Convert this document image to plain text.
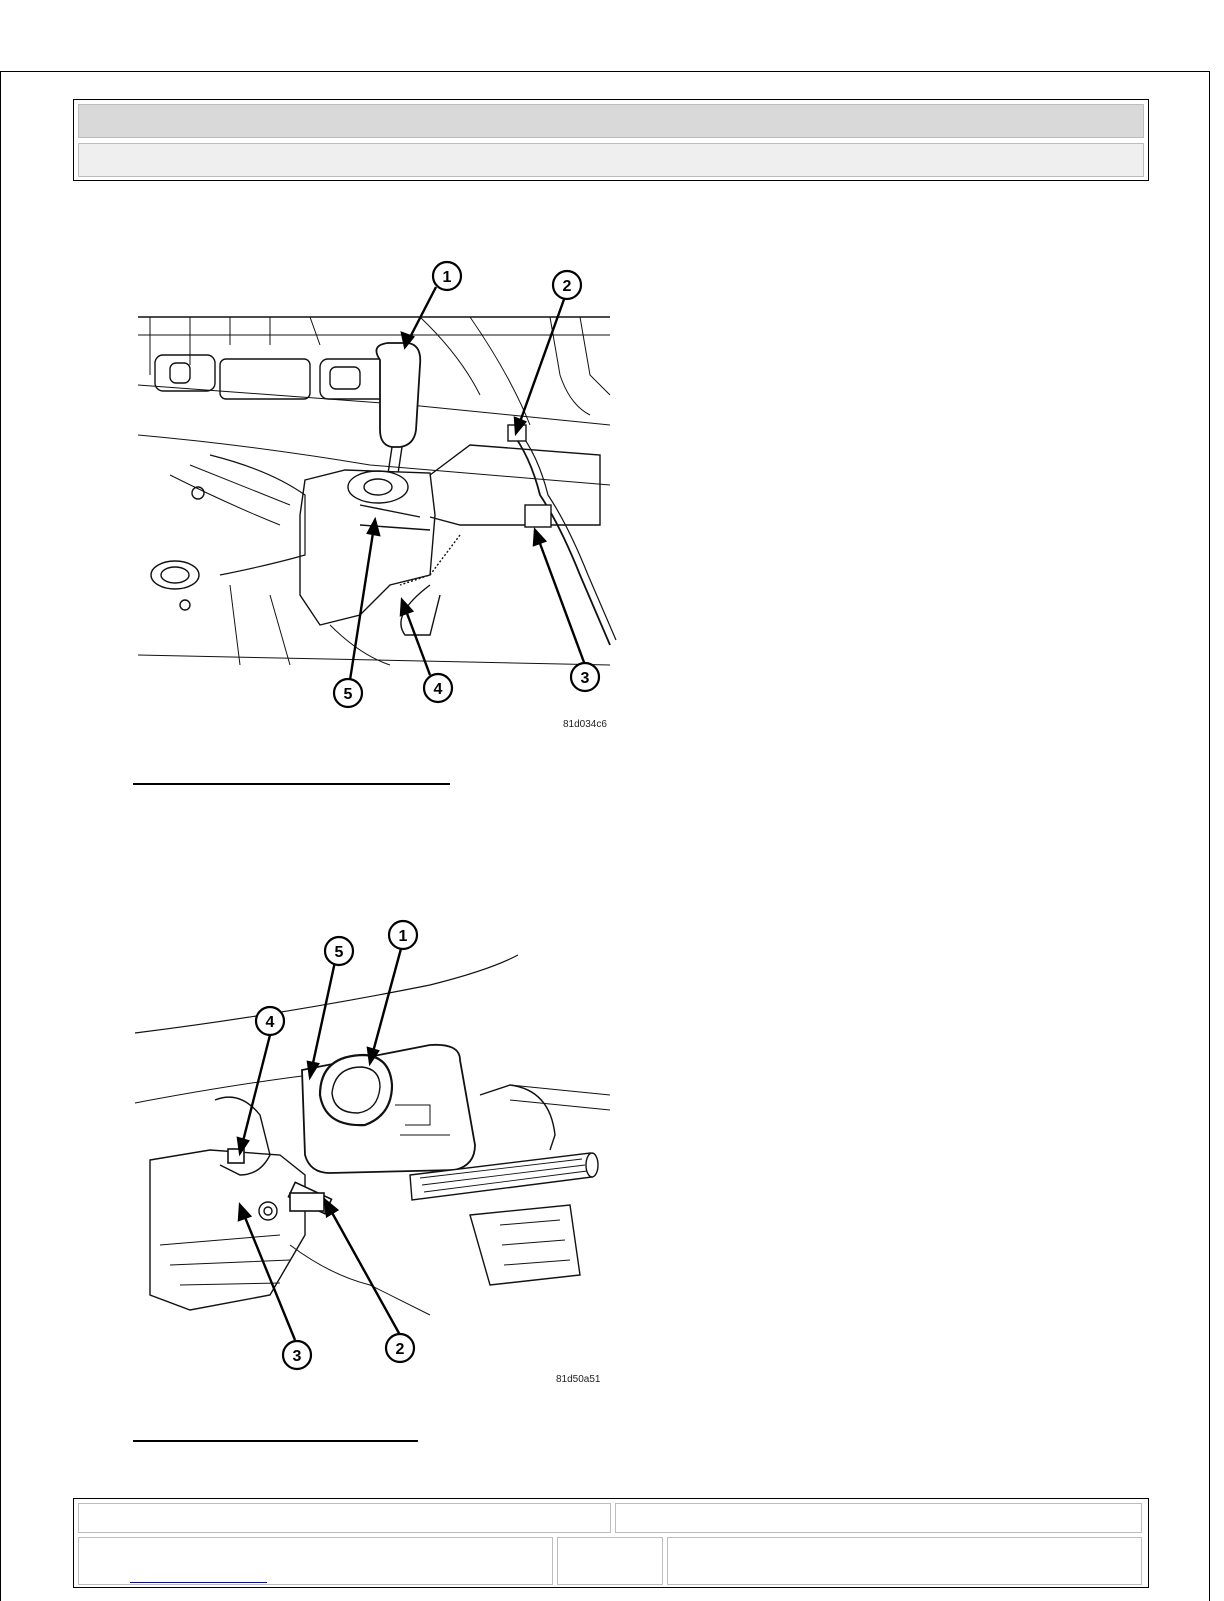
1
2
3
4
5
81d034c6
1
2
3
4
5
81d50a51
